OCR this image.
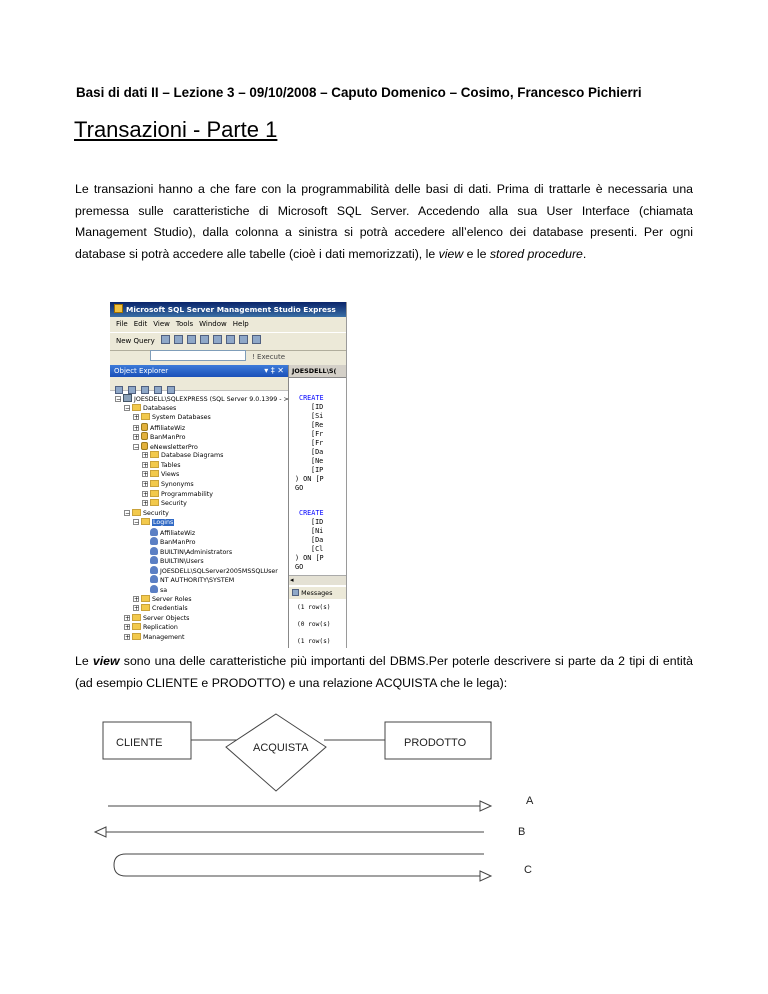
Basi di dati II – Lezione 3 – 09/10/2008 – Caputo Domenico – Cosimo, Francesco Pichierri
Transazioni - Parte 1
Le transazioni hanno a che fare con la programmabilità delle basi di dati. Prima di trattarle è necessaria una premessa sulle caratteristiche di Microsoft SQL Server. Accedendo alla sua User Interface (chiamata Management Studio), dalla colonna a sinistra si potrà accedere all’elenco dei database presenti. Per ogni database si potrà accedere alle tabelle (cioè i dati memorizzati), le view e le stored procedure.
Microsoft SQL Server Management Studio Express
File Edit View Tools Window Help
New Query
! Execute
Object Explorer	▾ ‡ ✕
− JOESDELL\SQLEXPRESS (SQL Server 9.0.1399 - >
− Databases
+ System Databases
+ AffiliateWiz
+ BanManPro
− eNewsletterPro
+ Database Diagrams
+ Tables
+ Views
+ Synonyms
+ Programmability
+ Security
− Security
− Logins
AffiliateWiz
BanManPro
BUILTIN\Administrators
BUILTIN\Users
JOESDELL\SQLServer2005MSSQLUser
NT AUTHORITY\SYSTEM
sa
+ Server Roles
+ Credentials
+ Server Objects
+ Replication
+ Management
JOESDELL\S(
CREATE
[ID
[Si
[Re
[Fr
[Fr
[Da
[Ne
[IP
) ON [P
GO
CREATE
[ID
[Ni
[Da
[Cl
) ON [P
GO
◂
Messages
(1 row(s)
(0 row(s)
(1 row(s)
Le view sono una delle caratteristiche più importanti del DBMS.Per poterle descrivere si parte da 2 tipi di entità (ad esempio CLIENTE e PRODOTTO) e una relazione ACQUISTA che le lega):
CLIENTE	ACQUISTA	PRODOTTO
A
B
C
